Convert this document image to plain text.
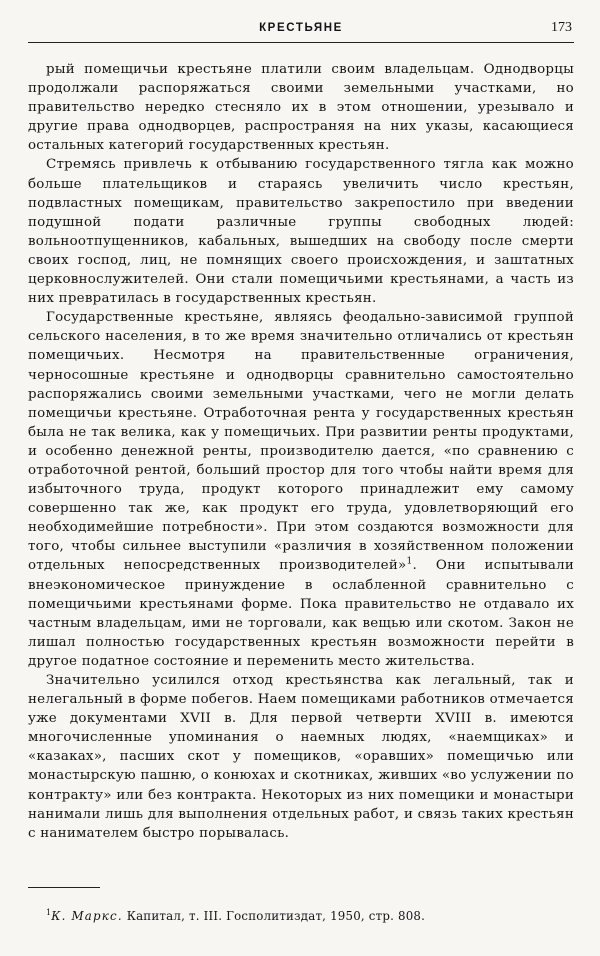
КРЕСТЬЯНЕ	173

рый помещичьи крестьяне платили своим владельцам. Однодворцы продолжали распоряжаться своими земельными участками, но правительство нередко стесняло их в этом отношении, урезывало и другие права однодворцев, распространяя на них указы, касающиеся остальных категорий государственных крестьян.

Стремясь привлечь к отбыванию государственного тягла как можно больше плательщиков и стараясь увеличить число крестьян, подвластных помещикам, правительство закрепостило при введении подушной подати различные группы свободных людей: вольноотпущенников, кабальных, вышедших на свободу после смерти своих господ, лиц, не помнящих своего происхождения, и заштатных церковнослужителей. Они стали помещичьими крестьянами, а часть из них превратилась в государственных крестьян.

Государственные крестьяне, являясь феодально-зависимой группой сельского населения, в то же время значительно отличались от крестьян помещичьих. Несмотря на правительственные ограничения, черносошные крестьяне и однодворцы сравнительно самостоятельно распоряжались своими земельными участками, чего не могли делать помещичьи крестьяне. Отработочная рента у государственных крестьян была не так велика, как у помещичьих. При развитии ренты продуктами, и особенно денежной ренты, производителю дается, «по сравнению с отработочной рентой, больший простор для того чтобы найти время для избыточного труда, продукт которого принадлежит ему самому совершенно так же, как продукт его труда, удовлетворяющий его необходимейшие потребности». При этом создаются возможности для того, чтобы сильнее выступили «различия в хозяйственном положении отдельных непосредственных производителей»$^1$. Они испытывали внеэкономическое принуждение в ослабленной сравнительно с помещичьими крестьянами форме. Пока правительство не отдавало их частным владельцам, ими не торговали, как вещью или скотом. Закон не лишал полностью государственных крестьян возможности перейти в другое податное состояние и переменить место жительства.

Значительно усилился отход крестьянства как легальный, так и нелегальный в форме побегов. Наем помещиками работников отмечается уже документами XVII в. Для первой четверти XVIII в. имеются многочисленные упоминания о наемных людях, «наемщиках» и «казаках», пасших скот у помещиков, «оравших» помещичью или монастырскую пашню, о конюхах и скотниках, живших «во услужении по контракту» или без контракта. Некоторых из них помещики и монастыри нанимали лишь для выполнения отдельных работ, и связь таких крестьян с нанимателем быстро порывалась.

$^1$К. Маркс. Капитал, т. III. Госполитиздат, 1950, стр. 808.
